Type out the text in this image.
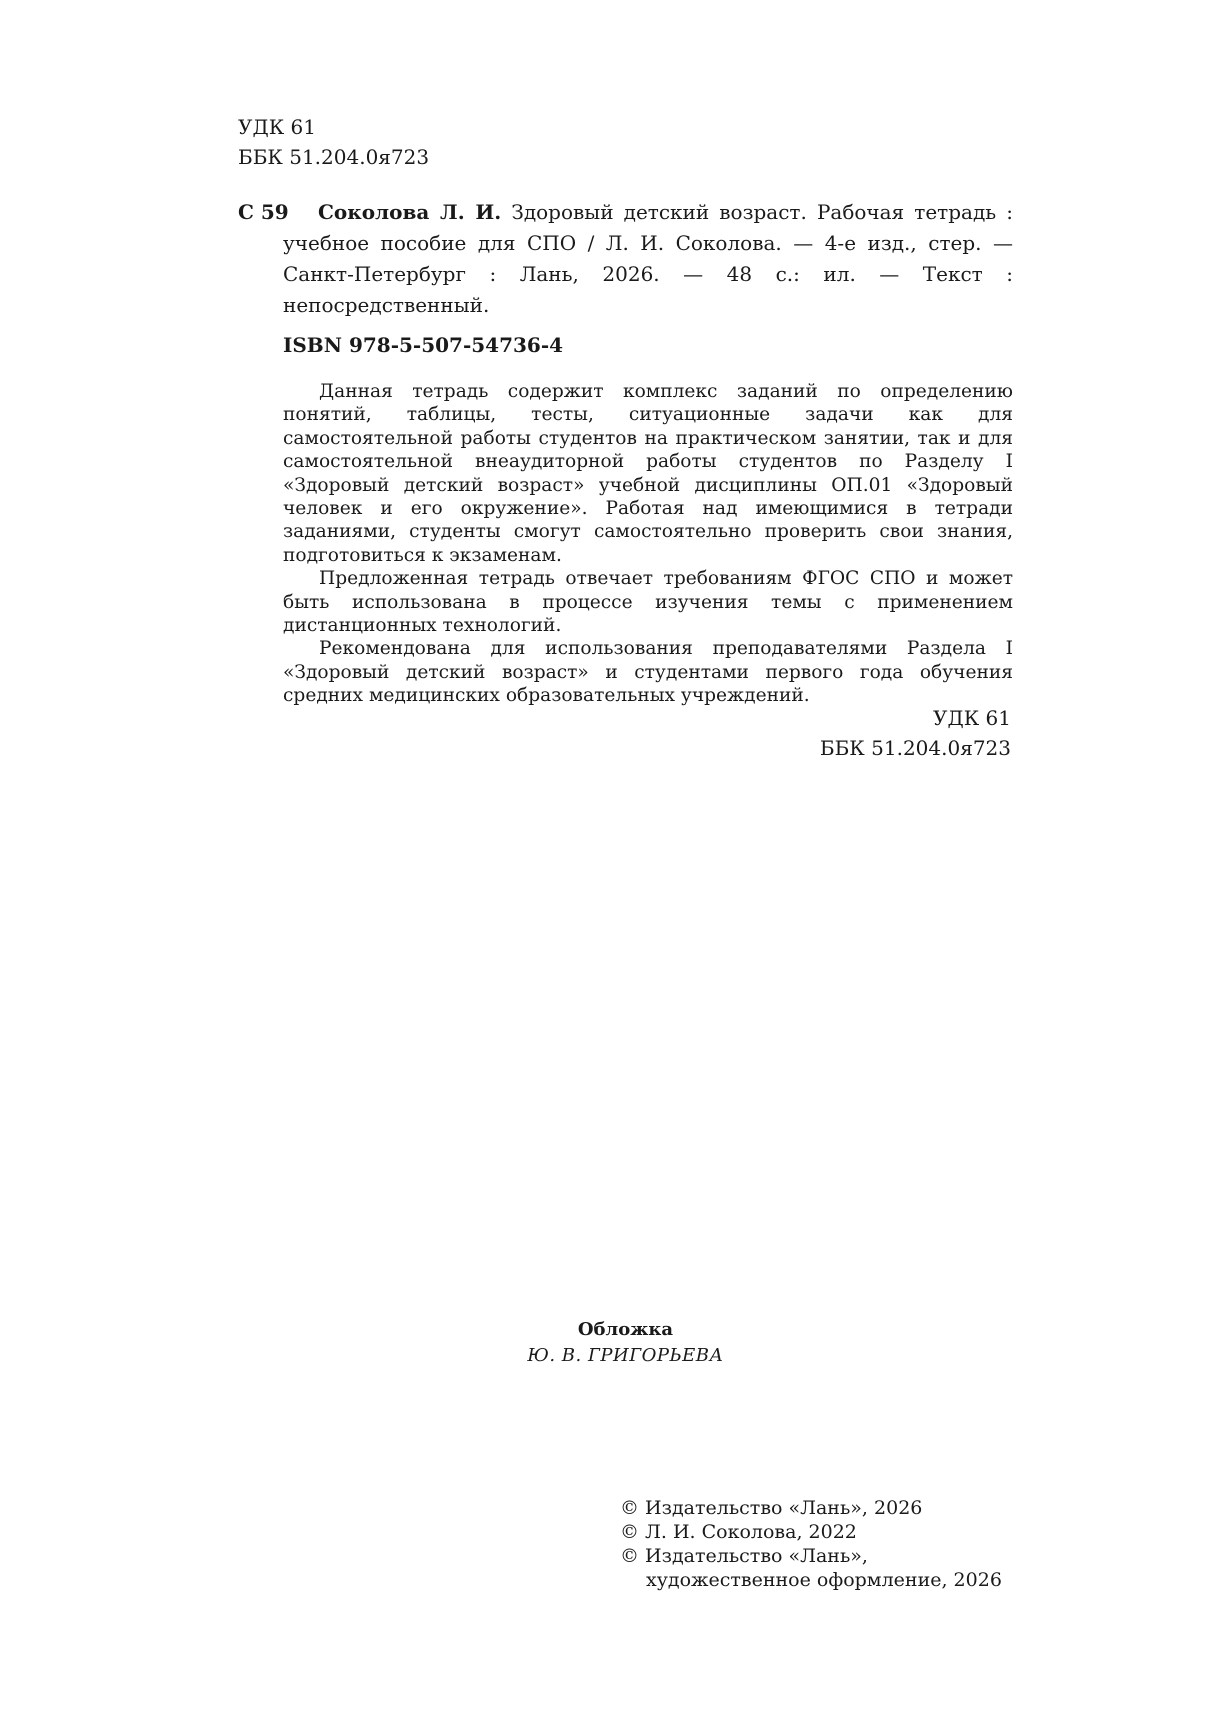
УДК 61
ББК 51.204.0я723
С 59	Соколова Л. И. Здоровый детский возраст. Рабочая тетрадь : учебное пособие для СПО / Л. И. Соколова. — 4-е изд., стер. — Санкт-Петербург : Лань, 2026. — 48 с.: ил. — Текст : непосредственный.
ISBN 978-5-507-54736-4

Данная тетрадь содержит комплекс заданий по определению понятий, таблицы, тесты, ситуационные задачи как для самостоятельной работы студентов на практическом занятии, так и для самостоятельной внеаудиторной работы студентов по Разделу I «Здоровый детский возраст» учебной дисциплины ОП.01 «Здоровый человек и его окружение». Работая над имеющимися в тетради заданиями, студенты смогут самостоятельно проверить свои знания, подготовиться к экзаменам.

Предложенная тетрадь отвечает требованиям ФГОС СПО и может быть использована в процессе изучения темы с применением дистанционных технологий.

Рекомендована для использования преподавателями Раздела I «Здоровый детский возраст» и студентами первого года обучения средних медицинских образовательных учреждений.

УДК 61
ББК 51.204.0я723
Обложка
Ю. В. ГРИГОРЬЕВА
© Издательство «Лань», 2026
© Л. И. Соколова, 2022
© Издательство «Лань»,
художественное оформление, 2026
